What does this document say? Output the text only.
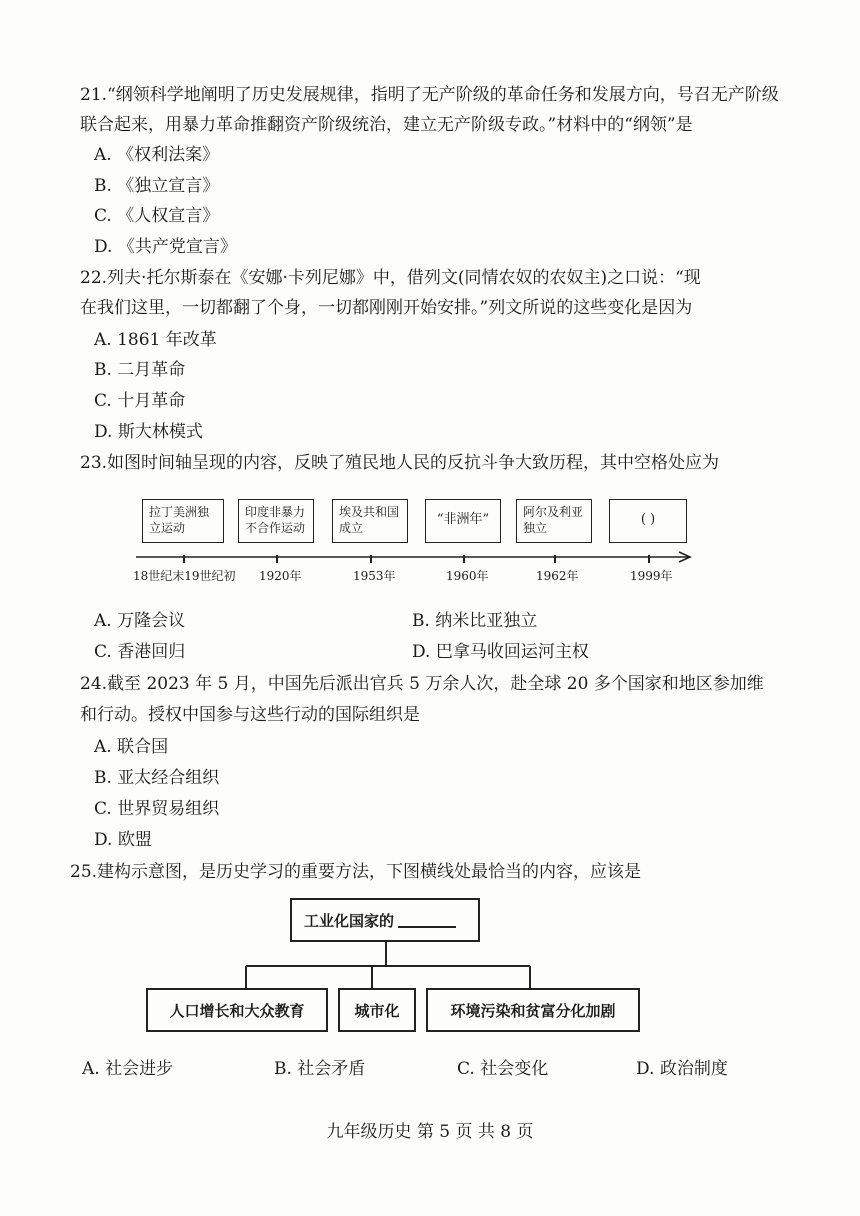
21.“纲领科学地阐明了历史发展规律，指明了无产阶级的革命任务和发展方向，号召无产阶级
联合起来，用暴力革命推翻资产阶级统治，建立无产阶级专政。”材料中的“纲领”是
A. 《权利法案》
B. 《独立宣言》
C. 《人权宣言》
D. 《共产党宣言》
22.列夫·托尔斯泰在《安娜·卡列尼娜》中，借列文(同情农奴的农奴主)之口说：“现
在我们这里，一切都翻了个身，一切都刚刚开始安排。”列文所说的这些变化是因为
A. 1861 年改革
B. 二月革命
C. 十月革命
D. 斯大林模式
23.如图时间轴呈现的内容，反映了殖民地人民的反抗斗争大致历程，其中空格处应为
拉丁美洲独
立运动
印度非暴力
不合作运动
埃及共和国
成立
“非洲年”	阿尔及利亚
独立
( )
18世纪末19世纪初 1920年	1953年	1960年	1962年	1999年
A. 万隆会议	B. 纳米比亚独立
C. 香港回归	D. 巴拿马收回运河主权
24.截至 2023 年 5 月，中国先后派出官兵 5 万余人次，赴全球 20 多个国家和地区参加维
和行动。授权中国参与这些行动的国际组织是
A. 联合国
B. 亚太经合组织
C. 世界贸易组织
D. 欧盟
25.建构示意图，是历史学习的重要方法，下图横线处最恰当的内容，应该是
工业化国家的
人口增长和大众教育	城市化	环境污染和贫富分化加剧
A. 社会进步	B. 社会矛盾	C. 社会变化	D. 政治制度
九年级历史 第 5 页 共 8 页
